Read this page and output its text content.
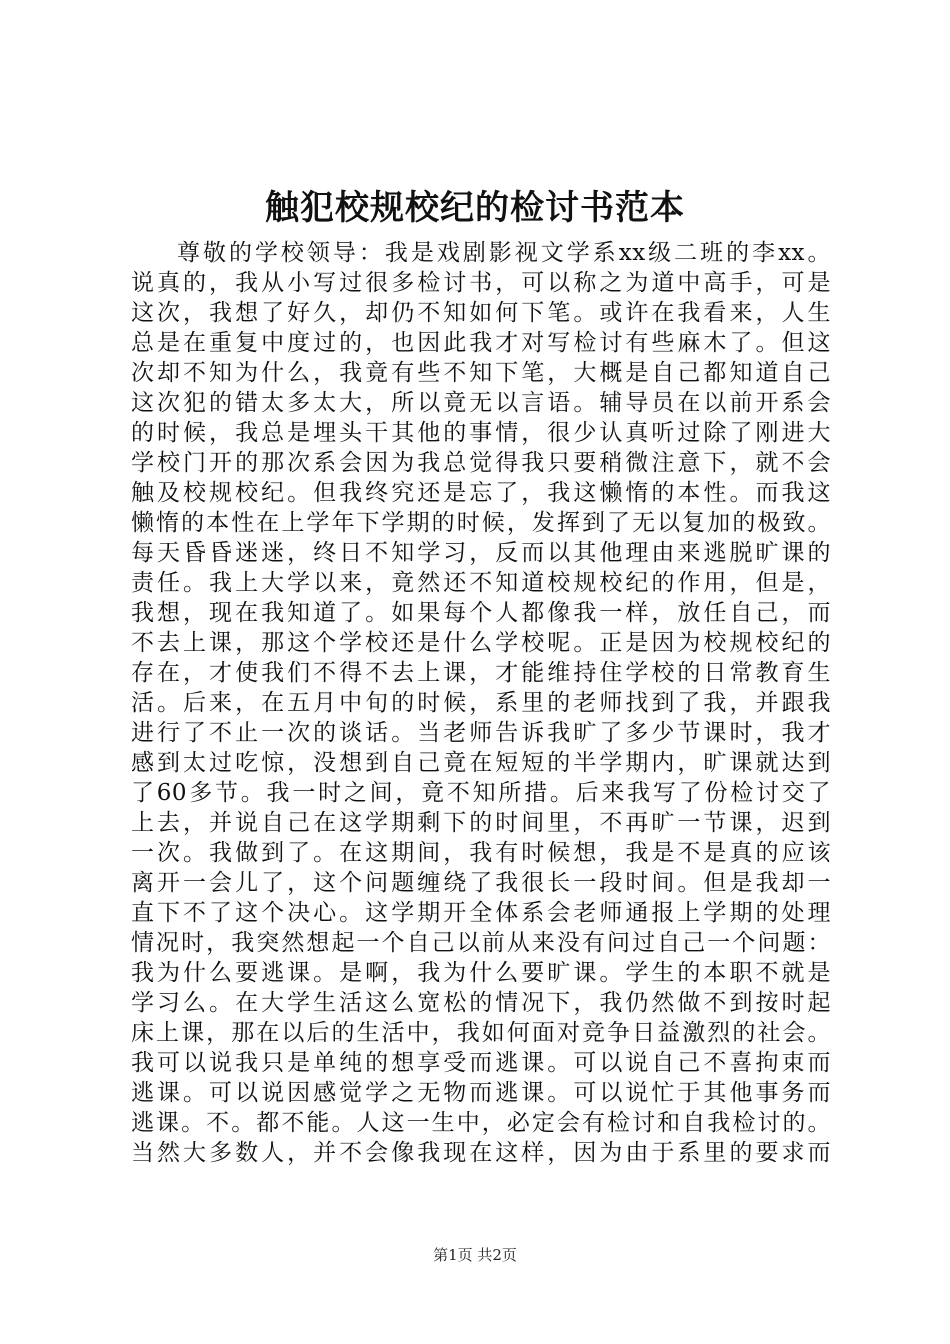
触犯校规校纪的检讨书范本
尊敬的学校领导：我是戏剧影视文学系xx级二班的李xx。
说真的，我从小写过很多检讨书，可以称之为道中高手，可是
这次，我想了好久，却仍不知如何下笔。或许在我看来，人生
总是在重复中度过的，也因此我才对写检讨有些麻木了。但这
次却不知为什么，我竟有些不知下笔，大概是自己都知道自己
这次犯的错太多太大，所以竟无以言语。辅导员在以前开系会
的时候，我总是埋头干其他的事情，很少认真听过除了刚进大
学校门开的那次系会因为我总觉得我只要稍微注意下，就不会
触及校规校纪。但我终究还是忘了，我这懒惰的本性。而我这
懒惰的本性在上学年下学期的时候，发挥到了无以复加的极致。
每天昏昏迷迷，终日不知学习，反而以其他理由来逃脱旷课的
责任。我上大学以来，竟然还不知道校规校纪的作用，但是，
我想，现在我知道了。如果每个人都像我一样，放任自己，而
不去上课，那这个学校还是什么学校呢。正是因为校规校纪的
存在，才使我们不得不去上课，才能维持住学校的日常教育生
活。后来，在五月中旬的时候，系里的老师找到了我，并跟我
进行了不止一次的谈话。当老师告诉我旷了多少节课时，我才
感到太过吃惊，没想到自己竟在短短的半学期内，旷课就达到
了60多节。我一时之间，竟不知所措。后来我写了份检讨交了
上去，并说自己在这学期剩下的时间里，不再旷一节课，迟到
一次。我做到了。在这期间，我有时候想，我是不是真的应该
离开一会儿了，这个问题缠绕了我很长一段时间。但是我却一
直下不了这个决心。这学期开全体系会老师通报上学期的处理
情况时，我突然想起一个自己以前从来没有问过自己一个问题：
我为什么要逃课。是啊，我为什么要旷课。学生的本职不就是
学习么。在大学生活这么宽松的情况下，我仍然做不到按时起
床上课，那在以后的生活中，我如何面对竞争日益激烈的社会。
我可以说我只是单纯的想享受而逃课。可以说自己不喜拘束而
逃课。可以说因感觉学之无物而逃课。可以说忙于其他事务而
逃课。不。都不能。人这一生中，必定会有检讨和自我检讨的。
当然大多数人，并不会像我现在这样，因为由于系里的要求而
第1页 共2页
